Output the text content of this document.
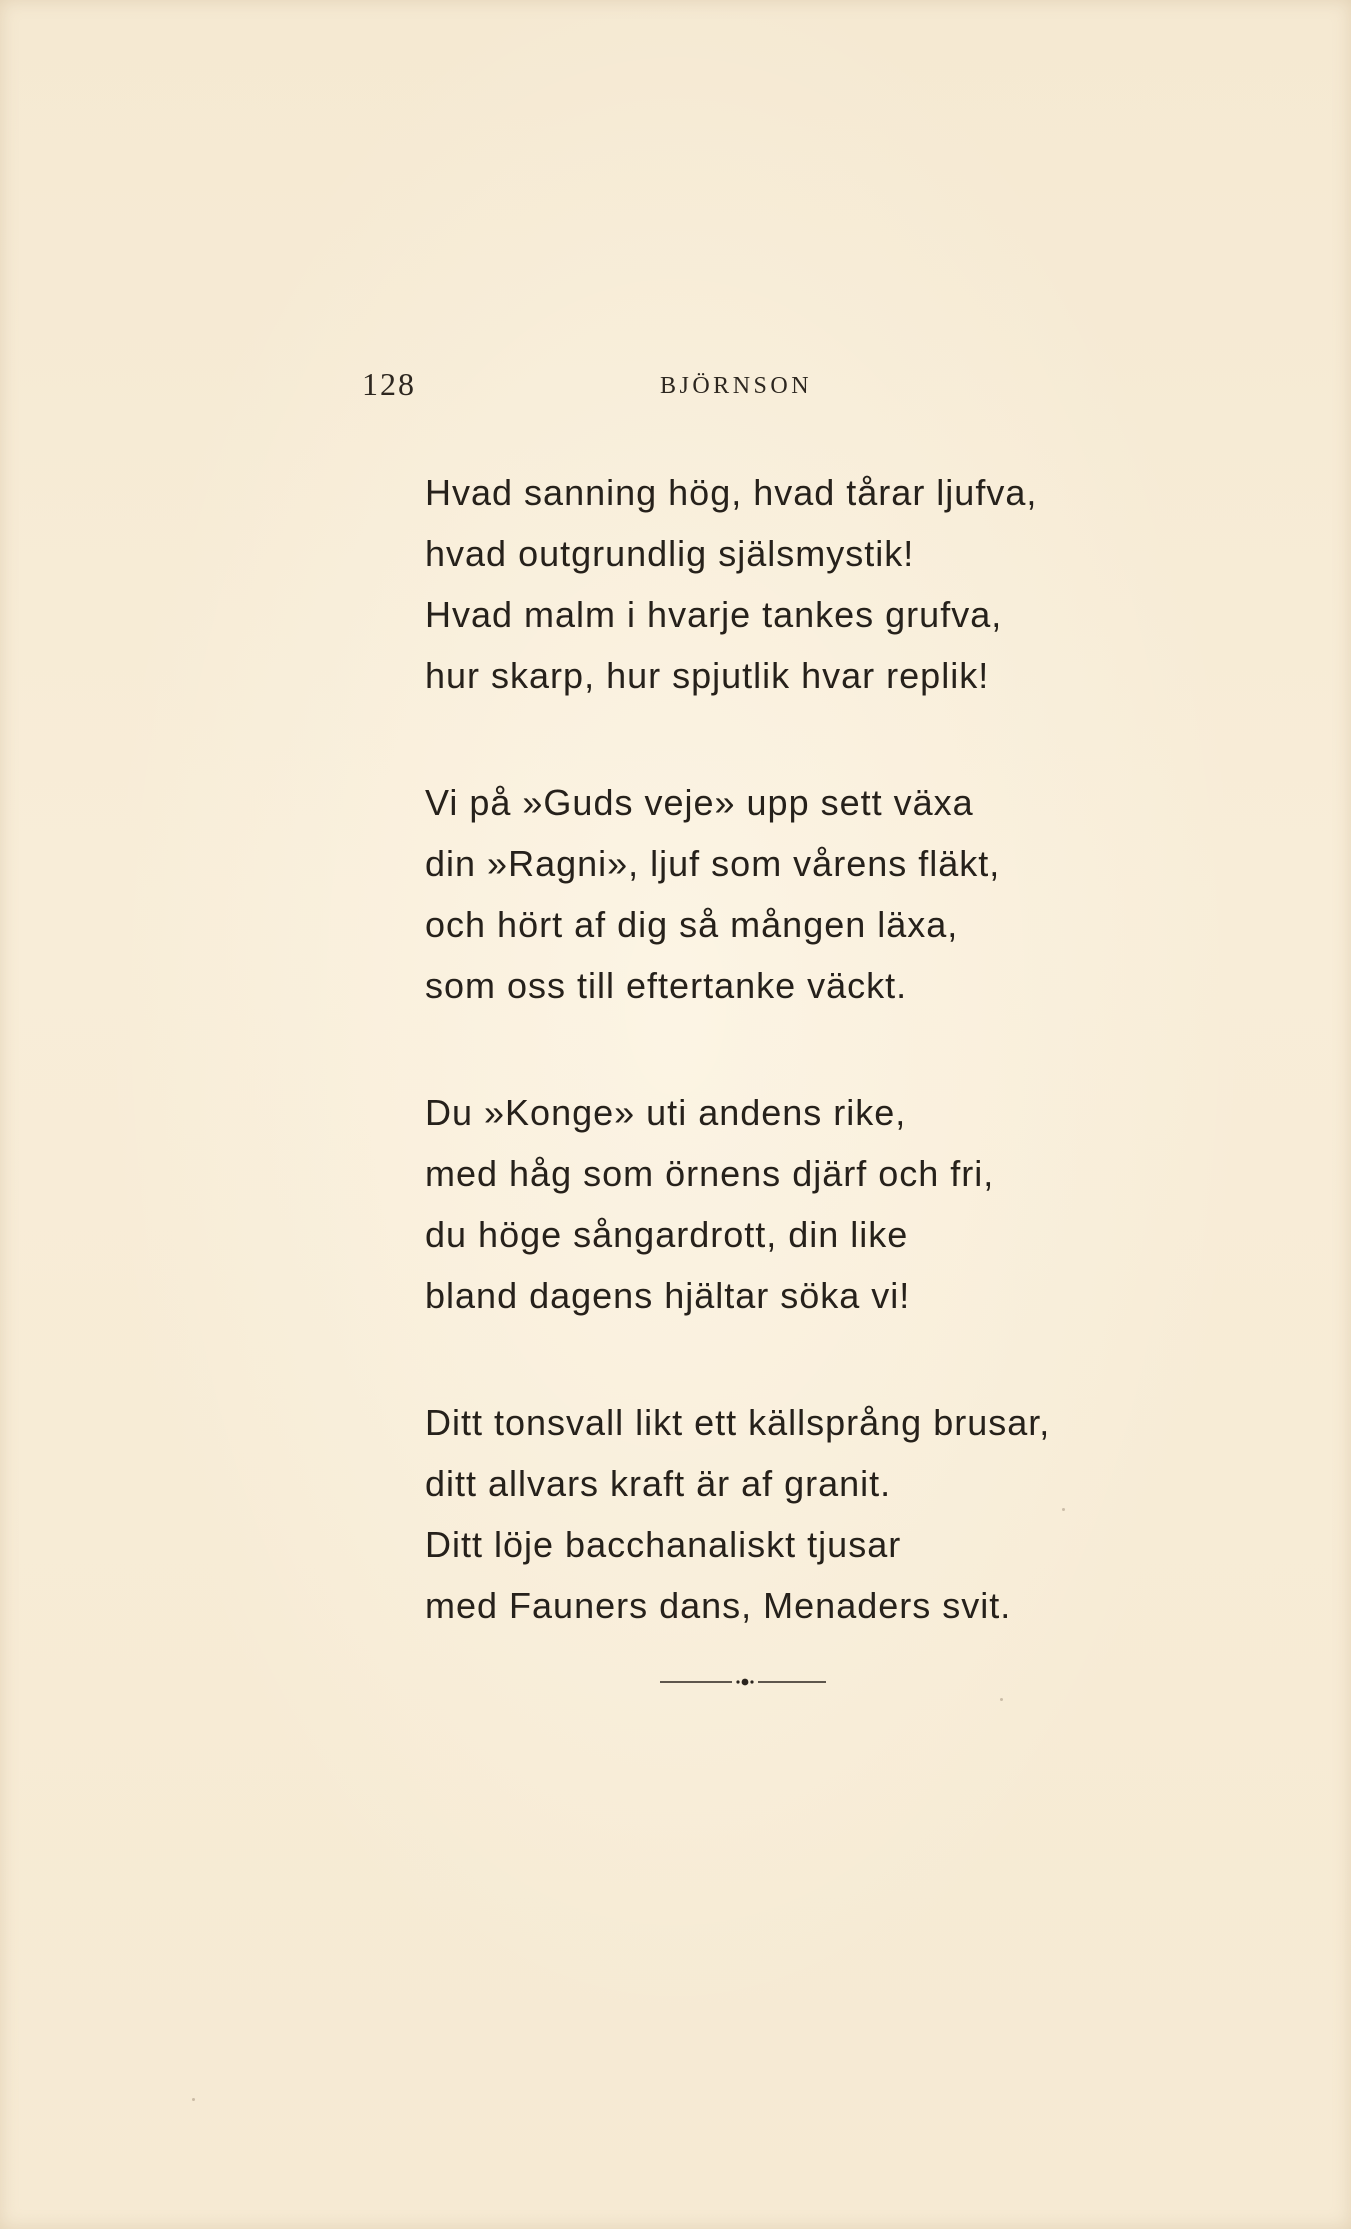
128	BJÖRNSON
Hvad sanning hög, hvad tårar ljufva,
hvad outgrundlig själsmystik!
Hvad malm i hvarje tankes grufva,
hur skarp, hur spjutlik hvar replik!
Vi på »Guds veje» upp sett växa
din »Ragni», ljuf som vårens fläkt,
och hört af dig så mången läxa,
som oss till eftertanke väckt.
Du »Konge» uti andens rike,
med håg som örnens djärf och fri,
du höge sångardrott, din like
bland dagens hjältar söka vi!
Ditt tonsvall likt ett källsprång brusar,
ditt allvars kraft är af granit.
Ditt löje bacchanaliskt tjusar
med Fauners dans, Menaders svit.
